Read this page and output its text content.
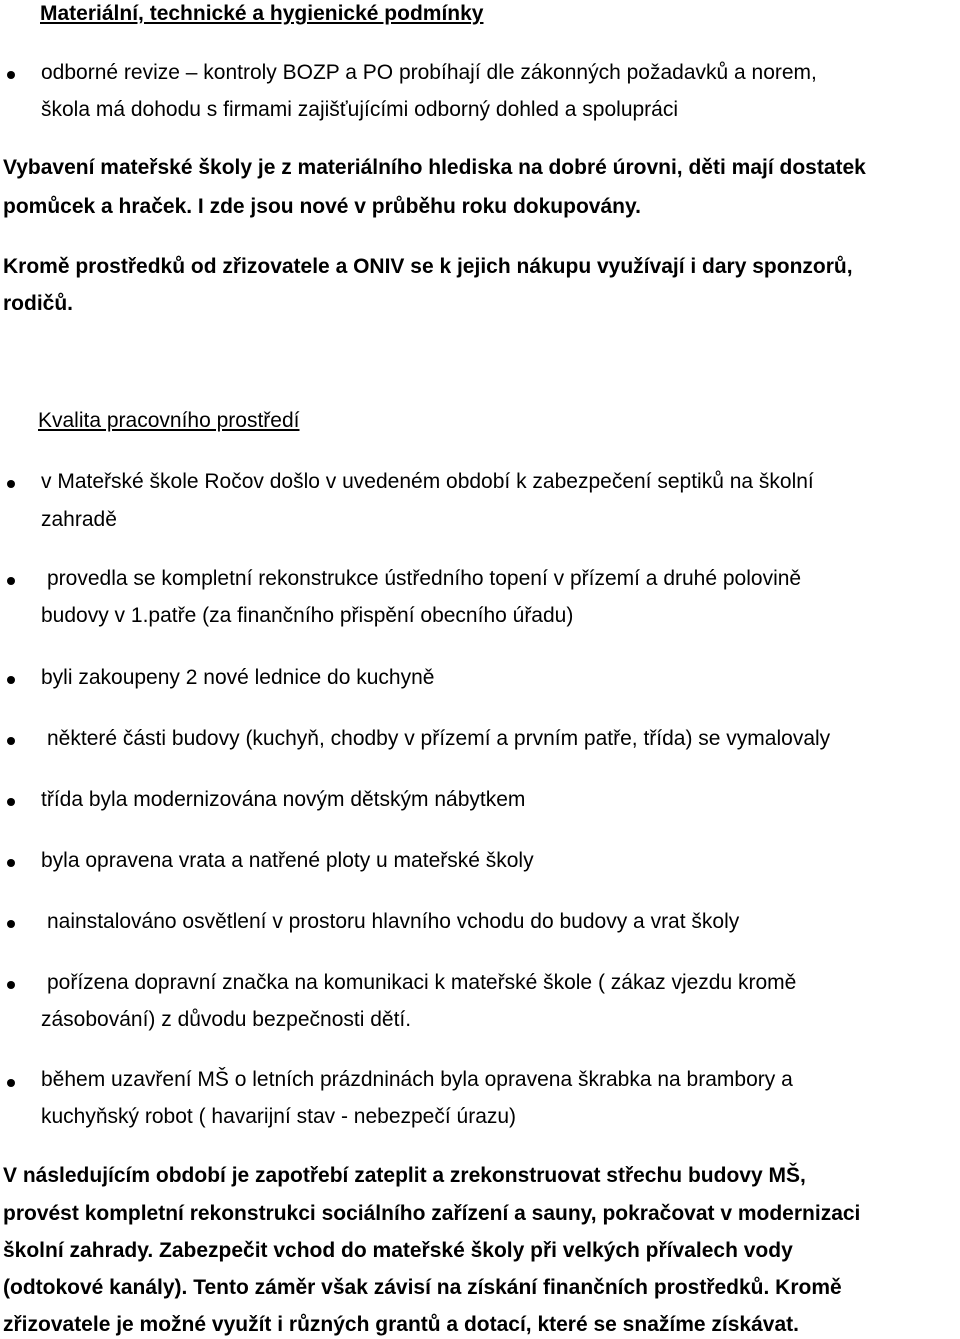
Materiální, technické a hygienické podmínky
odborné revize – kontroly BOZP a PO probíhají dle zákonných požadavků a norem,
škola má dohodu s firmami zajišťujícími odborný dohled a spolupráci
Vybavení mateřské školy je z materiálního hlediska na dobré úrovni, děti mají dostatek
pomůcek a hraček. I zde jsou nové v průběhu roku dokupovány.
Kromě prostředků od zřizovatele a ONIV se k jejich nákupu využívají i dary sponzorů,
rodičů.
Kvalita pracovního prostředí
v Mateřské škole Ročov došlo v uvedeném období k zabezpečení septiků na školní
zahradě
provedla se kompletní rekonstrukce ústředního topení v přízemí a druhé polovině
budovy v 1.patře (za finančního přispění obecního úřadu)
byli zakoupeny 2 nové lednice do kuchyně
některé části budovy (kuchyň, chodby v přízemí a prvním patře, třída) se vymalovaly
třída byla modernizována novým dětským nábytkem
byla opravena vrata a natřené ploty u mateřské školy
nainstalováno osvětlení v prostoru hlavního vchodu do budovy a vrat školy
pořízena dopravní značka na komunikaci k mateřské škole ( zákaz vjezdu kromě
zásobování) z důvodu bezpečnosti dětí.
během uzavření MŠ o letních prázdninách byla opravena škrabka na brambory a
kuchyňský robot ( havarijní stav - nebezpečí úrazu)
V následujícím období je zapotřebí zateplit a zrekonstruovat střechu budovy MŠ,
provést kompletní rekonstrukci sociálního zařízení a sauny, pokračovat v modernizaci
školní zahrady. Zabezpečit vchod do mateřské školy při velkých přívalech vody
(odtokové kanály). Tento záměr však závisí na získání finančních prostředků. Kromě
zřizovatele je možné využít i různých grantů a dotací, které se snažíme získávat.
